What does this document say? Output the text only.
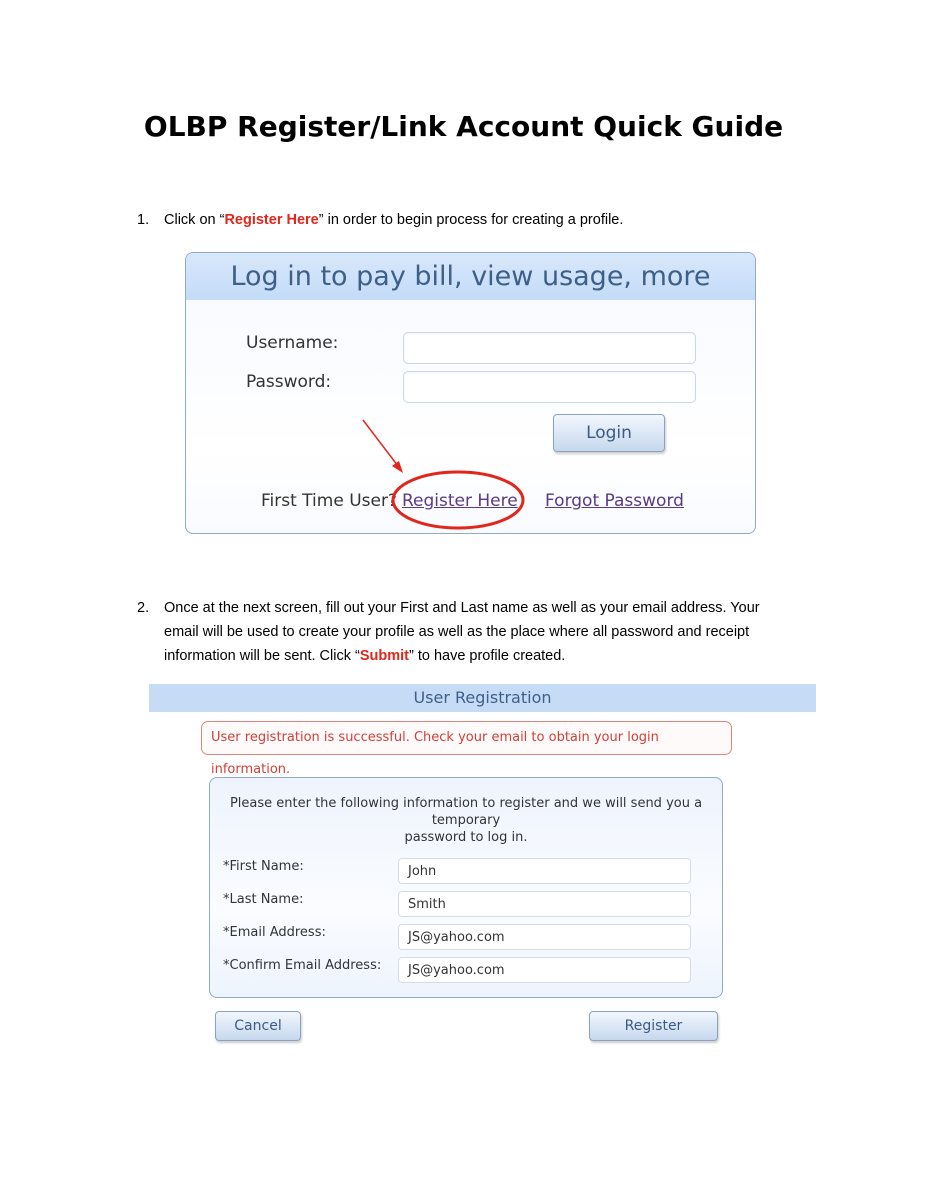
OLBP Register/Link Account Quick Guide
1. Click on “Register Here” in order to begin process for creating a profile.
Log in to pay bill, view usage, more
Username:
Password:
Login
First Time User? Register Here Forgot Password
2. Once at the next screen, fill out your First and Last name as well as your email address. Your
email will be used to create your profile as well as the place where all password and receipt
information will be sent. Click “Submit” to have profile created.
User Registration
User registration is successful. Check your email to obtain your login information.
Please enter the following information to register and we will send you a temporary
password to log in.
*First Name:	John
*Last Name:	Smith
*Email Address:	JS@yahoo.com
*Confirm Email Address:	JS@yahoo.com
Cancel	Register
